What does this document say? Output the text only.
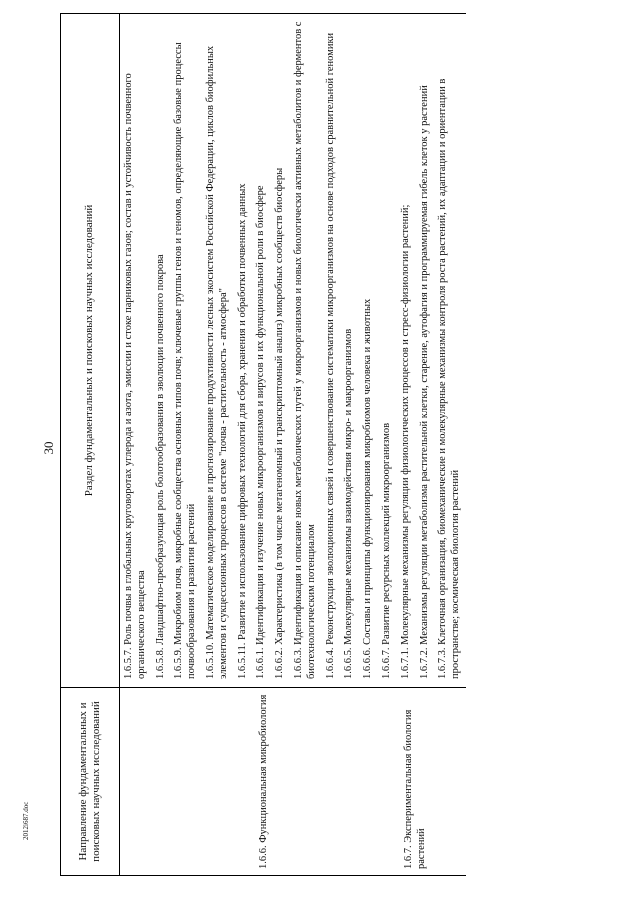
30
2012i687.doc	Направление фундаментальных и поисковых научных исследований	Раздел фундаментальных и поисковых научных исследований
	1.6.5.7. Роль почвы в глобальных круговоротах углерода и азота, эмиссии и стоке парниковых газов; состав и устойчивость почвенного органического вещества
	1.6.5.8. Ландшафтно-преобразующая роль болотообразования в эволюции почвенного покрова
	1.6.5.9. Микробиом почв, микробные сообщества основных типов почв; ключевые группы генов и геномов, определяющие базовые процессы почвообразования и развития растений
	1.6.5.10. Математическое моделирование и прогнозирование продуктивности лесных экосистем Российской Федерации, циклов биофильных элементов и сукцессионных процессов в системе "почва - растительность - атмосфера"
	1.6.5.11. Развитие и использование цифровых технологий для сбора, хранения и обработки почвенных данных
1.6.6. Функциональная микробиология	1.6.6.1. Идентификация и изучение новых микроорганизмов и вирусов и их функциональной роли в биосфере
	1.6.6.2. Характеристика (в том числе метагеномный и транскриптомный анализ) микробных сообществ биосферы
	1.6.6.3. Идентификация и описание новых метаболических путей у микроорганизмов и новых биологически активных метаболитов и ферментов с биотехнологическим потенциалом
	1.6.6.4. Реконструкция эволюционных связей и совершенствование систематики микроорганизмов на основе подходов сравнительной геномики
	1.6.6.5. Молекулярные механизмы взаимодействия микро- и макроорганизмов
	1.6.6.6. Составы и принципы функционирования микробиомов человека и животных
	1.6.6.7. Развитие ресурсных коллекций микроорганизмов
1.6.7. Экспериментальная биология растений	1.6.7.1. Молекулярные механизмы регуляции физиологических процессов и стресс-физиологии растений;
	1.6.7.2. Механизмы регуляции метаболизма растительной клетки, старение, аутофагия и программируемая гибель клеток у растений
	1.6.7.3. Клеточная организация, биомеханические и молекулярные механизмы контроля роста растений, их адаптации и ориентации в пространстве; космическая биология растений
